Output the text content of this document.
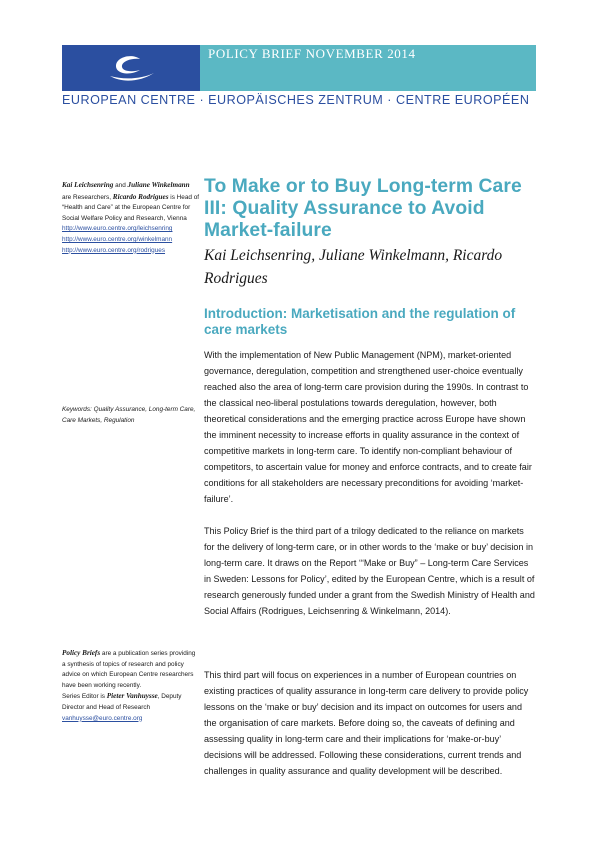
POLICY BRIEF NOVEMBER 2014
EUROPEAN CENTRE · EUROPÄISCHES ZENTRUM · CENTRE EUROPÉEN
Kai Leichsenring and Juliane Winkelmann are Researchers, Ricardo Rodrigues is Head of “Health and Care” at the European Centre for Social Welfare Policy and Research, Vienna
http://www.euro.centre.org/leichsenring
http://www.euro.centre.org/winkelmann
http://www.euro.centre.org/rodrigues
Keywords: Quality Assurance, Long-term Care, Care Markets, Regulation
Policy Briefs are a publication series providing a synthesis of topics of research and policy advice on which European Centre researchers have been working recently.
Series Editor is Pieter Vanhuysse, Deputy Director and Head of Research
vanhuysse@euro.centre.org
To Make or to Buy Long-term Care III: Quality Assurance to Avoid Market-failure
Kai Leichsenring, Juliane Winkelmann, Ricardo Rodrigues
Introduction: Marketisation and the regulation of care markets

With the implementation of New Public Management (NPM), market-oriented governance, deregulation, competition and strengthened user-choice eventually reached also the area of long-term care provision during the 1990s. In contrast to the classical neo-liberal postulations towards deregulation, however, both theoretical considerations and the emerging practice across Europe have shown the imminent necessity to increase efforts in quality assurance in the context of competitive markets in long-term care. To identify non-compliant behaviour of competitors, to ascertain value for money and enforce contracts, and to create fair conditions for all stakeholders are necessary preconditions for avoiding ‘market-failure’.

This Policy Brief is the third part of a trilogy dedicated to the reliance on markets for the delivery of long-term care, or in other words to the ‘make or buy’ decision in long-term care. It draws on the Report ‘“Make or Buy” – Long-term Care Services in Sweden: Lessons for Policy’, edited by the European Centre, which is a result of research generously funded under a grant from the Swedish Ministry of Health and Social Affairs (Rodrigues, Leichsenring & Winkelmann, 2014).

This third part will focus on experiences in a number of European countries on existing practices of quality assurance in long-term care delivery to provide policy lessons on the ‘make or buy’ decision and its impact on outcomes for users and the organisation of care markets. Before doing so, the caveats of defining and assessing quality in long-term care and their implications for ‘make-or-buy’ decisions will be addressed. Following these considerations, current trends and challenges in quality assurance and quality development will be described.
